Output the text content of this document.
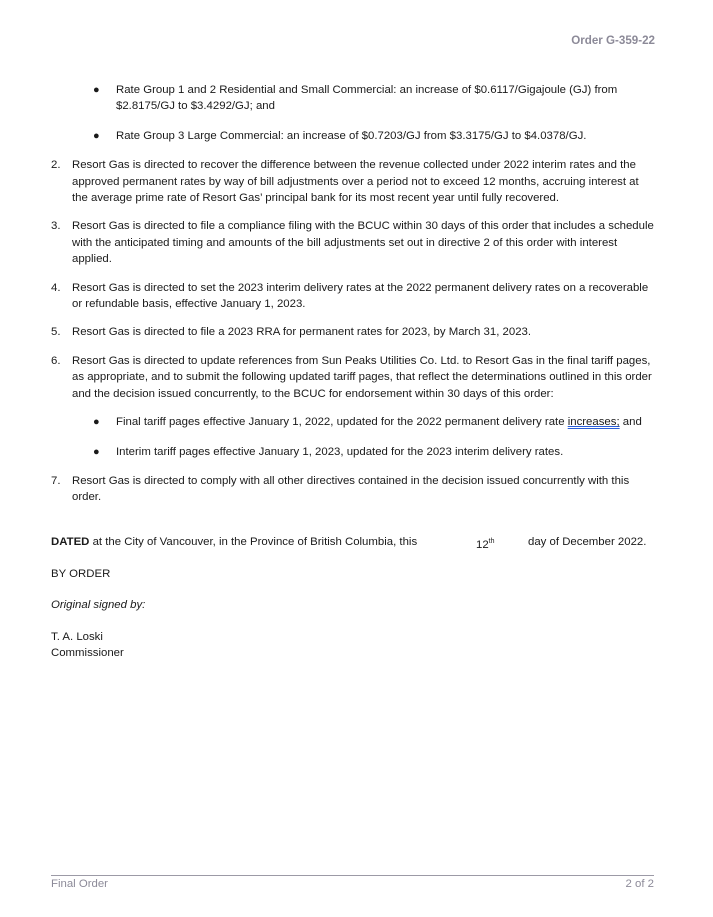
Order G-359-22
● Rate Group 1 and 2 Residential and Small Commercial: an increase of $0.6117/Gigajoule (GJ) from $2.8175/GJ to $3.4292/GJ; and
● Rate Group 3 Large Commercial: an increase of $0.7203/GJ from $3.3175/GJ to $4.0378/GJ.
2. Resort Gas is directed to recover the difference between the revenue collected under 2022 interim rates and the approved permanent rates by way of bill adjustments over a period not to exceed 12 months, accruing interest at the average prime rate of Resort Gas’ principal bank for its most recent year until fully recovered.
3. Resort Gas is directed to file a compliance filing with the BCUC within 30 days of this order that includes a schedule with the anticipated timing and amounts of the bill adjustments set out in directive 2 of this order with interest applied.
4. Resort Gas is directed to set the 2023 interim delivery rates at the 2022 permanent delivery rates on a recoverable or refundable basis, effective January 1, 2023.
5. Resort Gas is directed to file a 2023 RRA for permanent rates for 2023, by March 31, 2023.
6. Resort Gas is directed to update references from Sun Peaks Utilities Co. Ltd. to Resort Gas in the final tariff pages, as appropriate, and to submit the following updated tariff pages, that reflect the determinations outlined in this order and the decision issued concurrently, to the BCUC for endorsement within 30 days of this order:
● Final tariff pages effective January 1, 2022, updated for the 2022 permanent delivery rate increases; and
● Interim tariff pages effective January 1, 2023, updated for the 2023 interim delivery rates.
7. Resort Gas is directed to comply with all other directives contained in the decision issued concurrently with this order.
DATED at the City of Vancouver, in the Province of British Columbia, this	12th	day of December 2022.
BY ORDER
Original signed by:
T. A. Loski
Commissioner
Final Order	2 of 2
